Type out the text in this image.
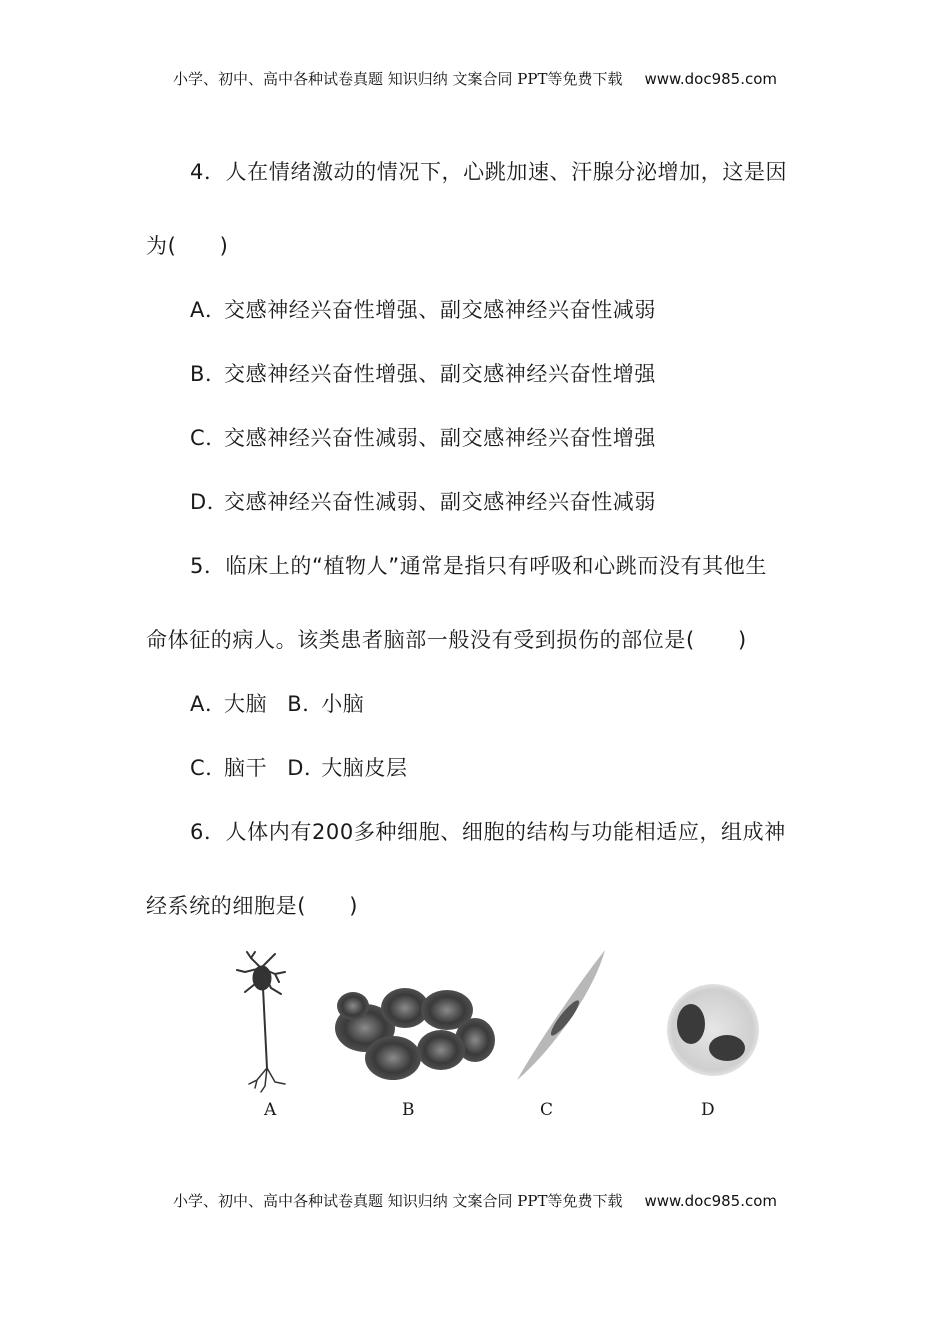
小学、初中、高中各种试卷真题 知识归纳 文案合同 PPT等免费下载 www.doc985.com
4．人在情绪激动的情况下，心跳加速、汗腺分泌增加，这是因
为(　　)
A．交感神经兴奋性增强、副交感神经兴奋性减弱
B．交感神经兴奋性增强、副交感神经兴奋性增强
C．交感神经兴奋性减弱、副交感神经兴奋性增强
D．交感神经兴奋性减弱、副交感神经兴奋性减弱
5．临床上的“植物人”通常是指只有呼吸和心跳而没有其他生
命体征的病人。该类患者脑部一般没有受到损伤的部位是(　　)
A．大脑 B．小脑
C．脑干 D．大脑皮层
6．人体内有200多种细胞、细胞的结构与功能相适应，组成神
经系统的细胞是(　　)
A	B	C	D
小学、初中、高中各种试卷真题 知识归纳 文案合同 PPT等免费下载 www.doc985.com
